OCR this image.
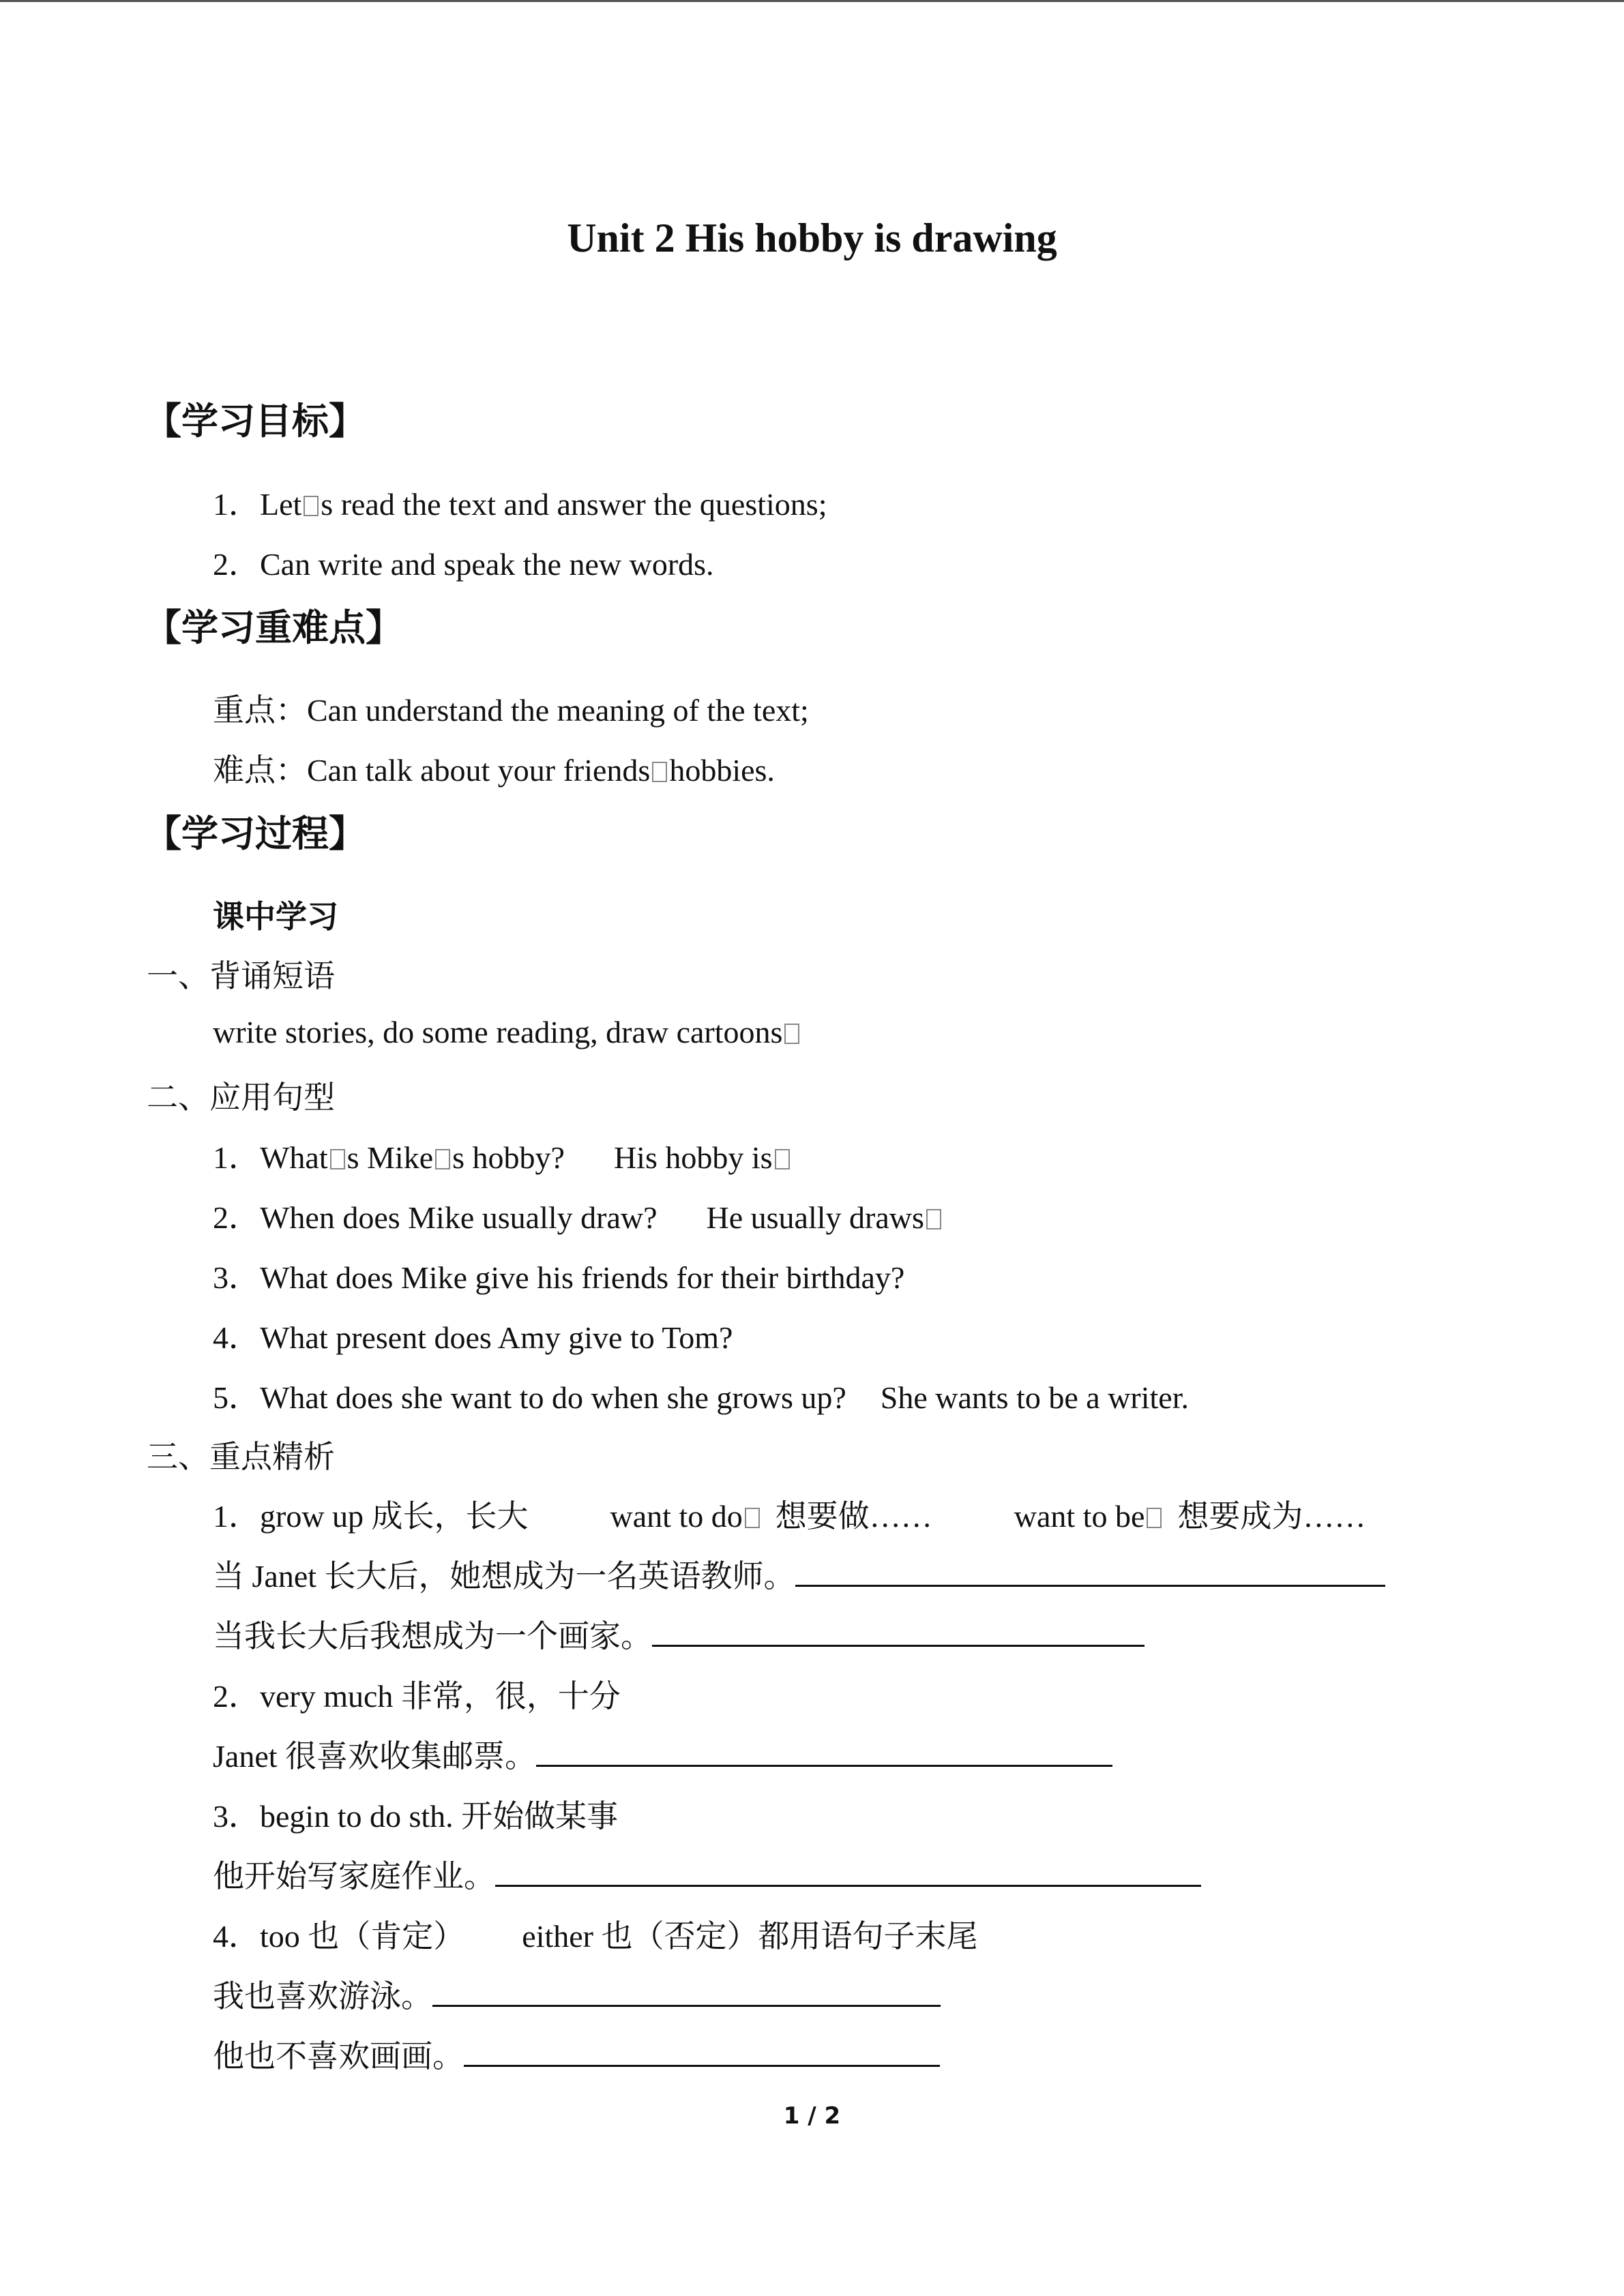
Unit 2 His hobby is drawing
【学习目标】
1．Let s read the text and answer the questions;
2．Can write and speak the new words.
【学习重难点】
重点：Can understand the meaning of the text;
难点：Can talk about your friends hobbies.
【学习过程】
课中学习
一、背诵短语
write stories, do some reading, draw cartoons
二、应用句型
1．What s Mike s hobby? His hobby is
2．When does Mike usually draw? He usually draws
3．What does Mike give his friends for their birthday?
4．What present does Amy give to Tom?
5．What does she want to do when she grows up? She wants to be a writer.
三、重点精析
1．grow up 成长，长大	want to do 想要做……	want to be 想要成为……
当 Janet 长大后，她想成为一名英语教师。
当我长大后我想成为一个画家。
2．very much 非常，很，十分
Janet 很喜欢收集邮票。
3．begin to do sth. 开始做某事
他开始写家庭作业。
4．too 也（肯定） either 也（否定）都用语句子末尾
我也喜欢游泳。
他也不喜欢画画。
1 / 2
